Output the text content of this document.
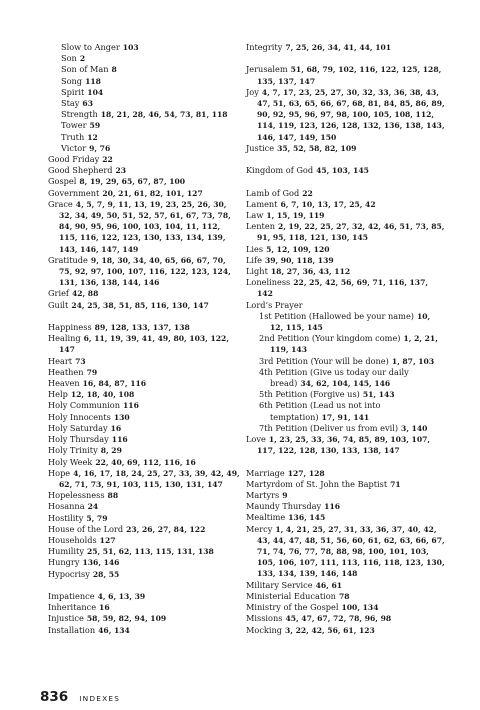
Slow to Anger 103
Son 2
Son of Man 8
Song 118
Spirit 104
Stay 63
Strength 18, 21, 28, 46, 54, 73, 81, 118
Tower 59
Truth 12
Victor 9, 76
Good Friday 22
Good Shepherd 23
Gospel 8, 19, 29, 65, 67, 87, 100
Government 20, 21, 61, 82, 101, 127
Grace 4, 5, 7, 9, 11, 13, 19, 23, 25, 26, 30, 32, 34, 49, 50, 51, 52, 57, 61, 67, 73, 78, 84, 90, 95, 96, 100, 103, 104, 11, 112, 115, 116, 122, 123, 130, 133, 134, 139, 143, 146, 147, 149
Gratitude 9, 18, 30, 34, 40, 65, 66, 67, 70, 75, 92, 97, 100, 107, 116, 122, 123, 124, 131, 136, 138, 144, 146
Grief 42, 88
Guilt 24, 25, 38, 51, 85, 116, 130, 147
Happiness 89, 128, 133, 137, 138
Healing 6, 11, 19, 39, 41, 49, 80, 103, 122, 147
Heart 73
Heathen 79
Heaven 16, 84, 87, 116
Help 12, 18, 40, 108
Holy Communion 116
Holy Innocents 130
Holy Saturday 16
Holy Thursday 116
Holy Trinity 8, 29
Holy Week 22, 40, 69, 112, 116, 16
Hope 4, 16, 17, 18, 24, 25, 27, 33, 39, 42, 49, 62, 71, 73, 91, 103, 115, 130, 131, 147
Hopelessness 88
Hosanna 24
Hostility 5, 79
House of the Lord 23, 26, 27, 84, 122
Households 127
Humility 25, 51, 62, 113, 115, 131, 138
Hungry 136, 146
Hypocrisy 28, 55
Impatience 4, 6, 13, 39
Inheritance 16
Injustice 58, 59, 82, 94, 109
Installation 46, 134
Integrity 7, 25, 26, 34, 41, 44, 101
Jerusalem 51, 68, 79, 102, 116, 122, 125, 128, 135, 137, 147
Joy 4, 7, 17, 23, 25, 27, 30, 32, 33, 36, 38, 43, 47, 51, 63, 65, 66, 67, 68, 81, 84, 85, 86, 89, 90, 92, 95, 96, 97, 98, 100, 105, 108, 112, 114, 119, 123, 126, 128, 132, 136, 138, 143, 146, 147, 149, 150
Justice 35, 52, 58, 82, 109
Kingdom of God 45, 103, 145
Lamb of God 22
Lament 6, 7, 10, 13, 17, 25, 42
Law 1, 15, 19, 119
Lenten 2, 19, 22, 25, 27, 32, 42, 46, 51, 73, 85, 91, 95, 118, 121, 130, 145
Lies 5, 12, 109, 120
Life 39, 90, 118, 139
Light 18, 27, 36, 43, 112
Loneliness 22, 25, 42, 56, 69, 71, 116, 137, 142
Lord’s Prayer
1st Petition (Hallowed be your name) 10, 12, 115, 145
2nd Petition (Your kingdom come) 1, 2, 21, 119, 143
3rd Petition (Your will be done) 1, 87, 103
4th Petition (Give us today our daily bread) 34, 62, 104, 145, 146
5th Petition (Forgive us) 51, 143
6th Petition (Lead us not into temptation) 17, 91, 141
7th Petition (Deliver us from evil) 3, 140
Love 1, 23, 25, 33, 36, 74, 85, 89, 103, 107, 117, 122, 128, 130, 133, 138, 147
Marriage 127, 128
Martyrdom of St. John the Baptist 71
Martyrs 9
Maundy Thursday 116
Mealtime 136, 145
Mercy 1, 4, 21, 25, 27, 31, 33, 36, 37, 40, 42, 43, 44, 47, 48, 51, 56, 60, 61, 62, 63, 66, 67, 71, 74, 76, 77, 78, 88, 98, 100, 101, 103, 105, 106, 107, 111, 113, 116, 118, 123, 130, 133, 134, 139, 146, 148
Military Service 46, 61
Ministerial Education 78
Ministry of the Gospel 100, 134
Missions 45, 47, 67, 72, 78, 96, 98
Mocking 3, 22, 42, 56, 61, 123
836 INDEXES
